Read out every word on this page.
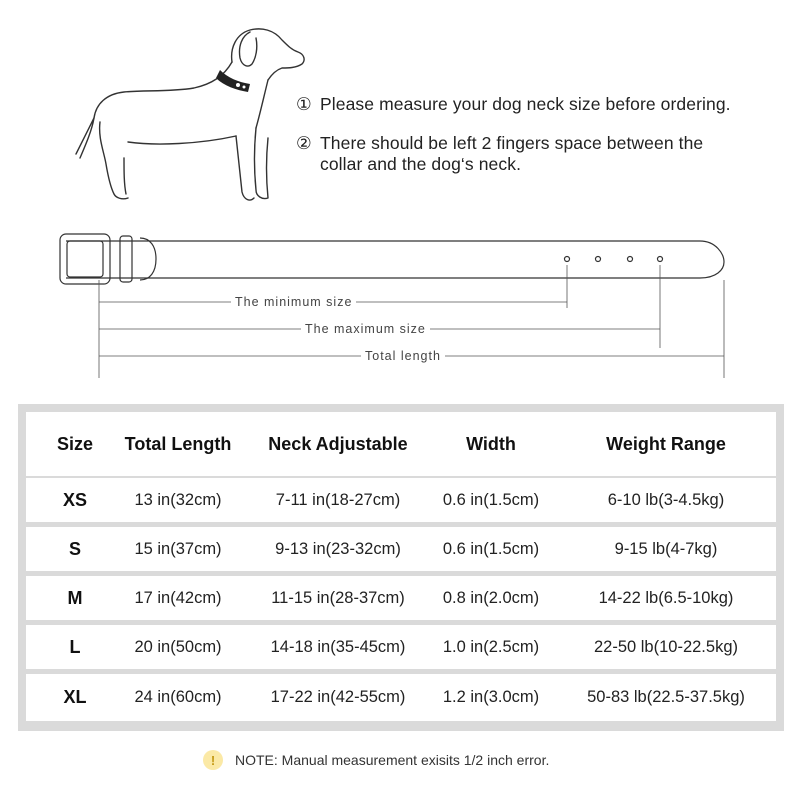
① Please measure your dog neck size before ordering.
② There should be left 2 fingers space between the
collar and the dog‘s neck.
The minimum size
The maximum size
Total length
Size	Total Length	Neck Adjustable	Width	Weight Range
XS	13 in(32cm)	7-11 in(18-27cm)	0.6 in(1.5cm)	6-10 lb(3-4.5kg)
S	15 in(37cm)	9-13 in(23-32cm)	0.6 in(1.5cm)	9-15 lb(4-7kg)
M	17 in(42cm)	11-15 in(28-37cm)	0.8 in(2.0cm)	14-22 lb(6.5-10kg)
L	20 in(50cm)	14-18 in(35-45cm)	1.0 in(2.5cm)	22-50 lb(10-22.5kg)
XL	24 in(60cm)	17-22 in(42-55cm)	1.2 in(3.0cm)	50-83 lb(22.5-37.5kg)
!	NOTE: Manual measurement exisits 1/2 inch error.
